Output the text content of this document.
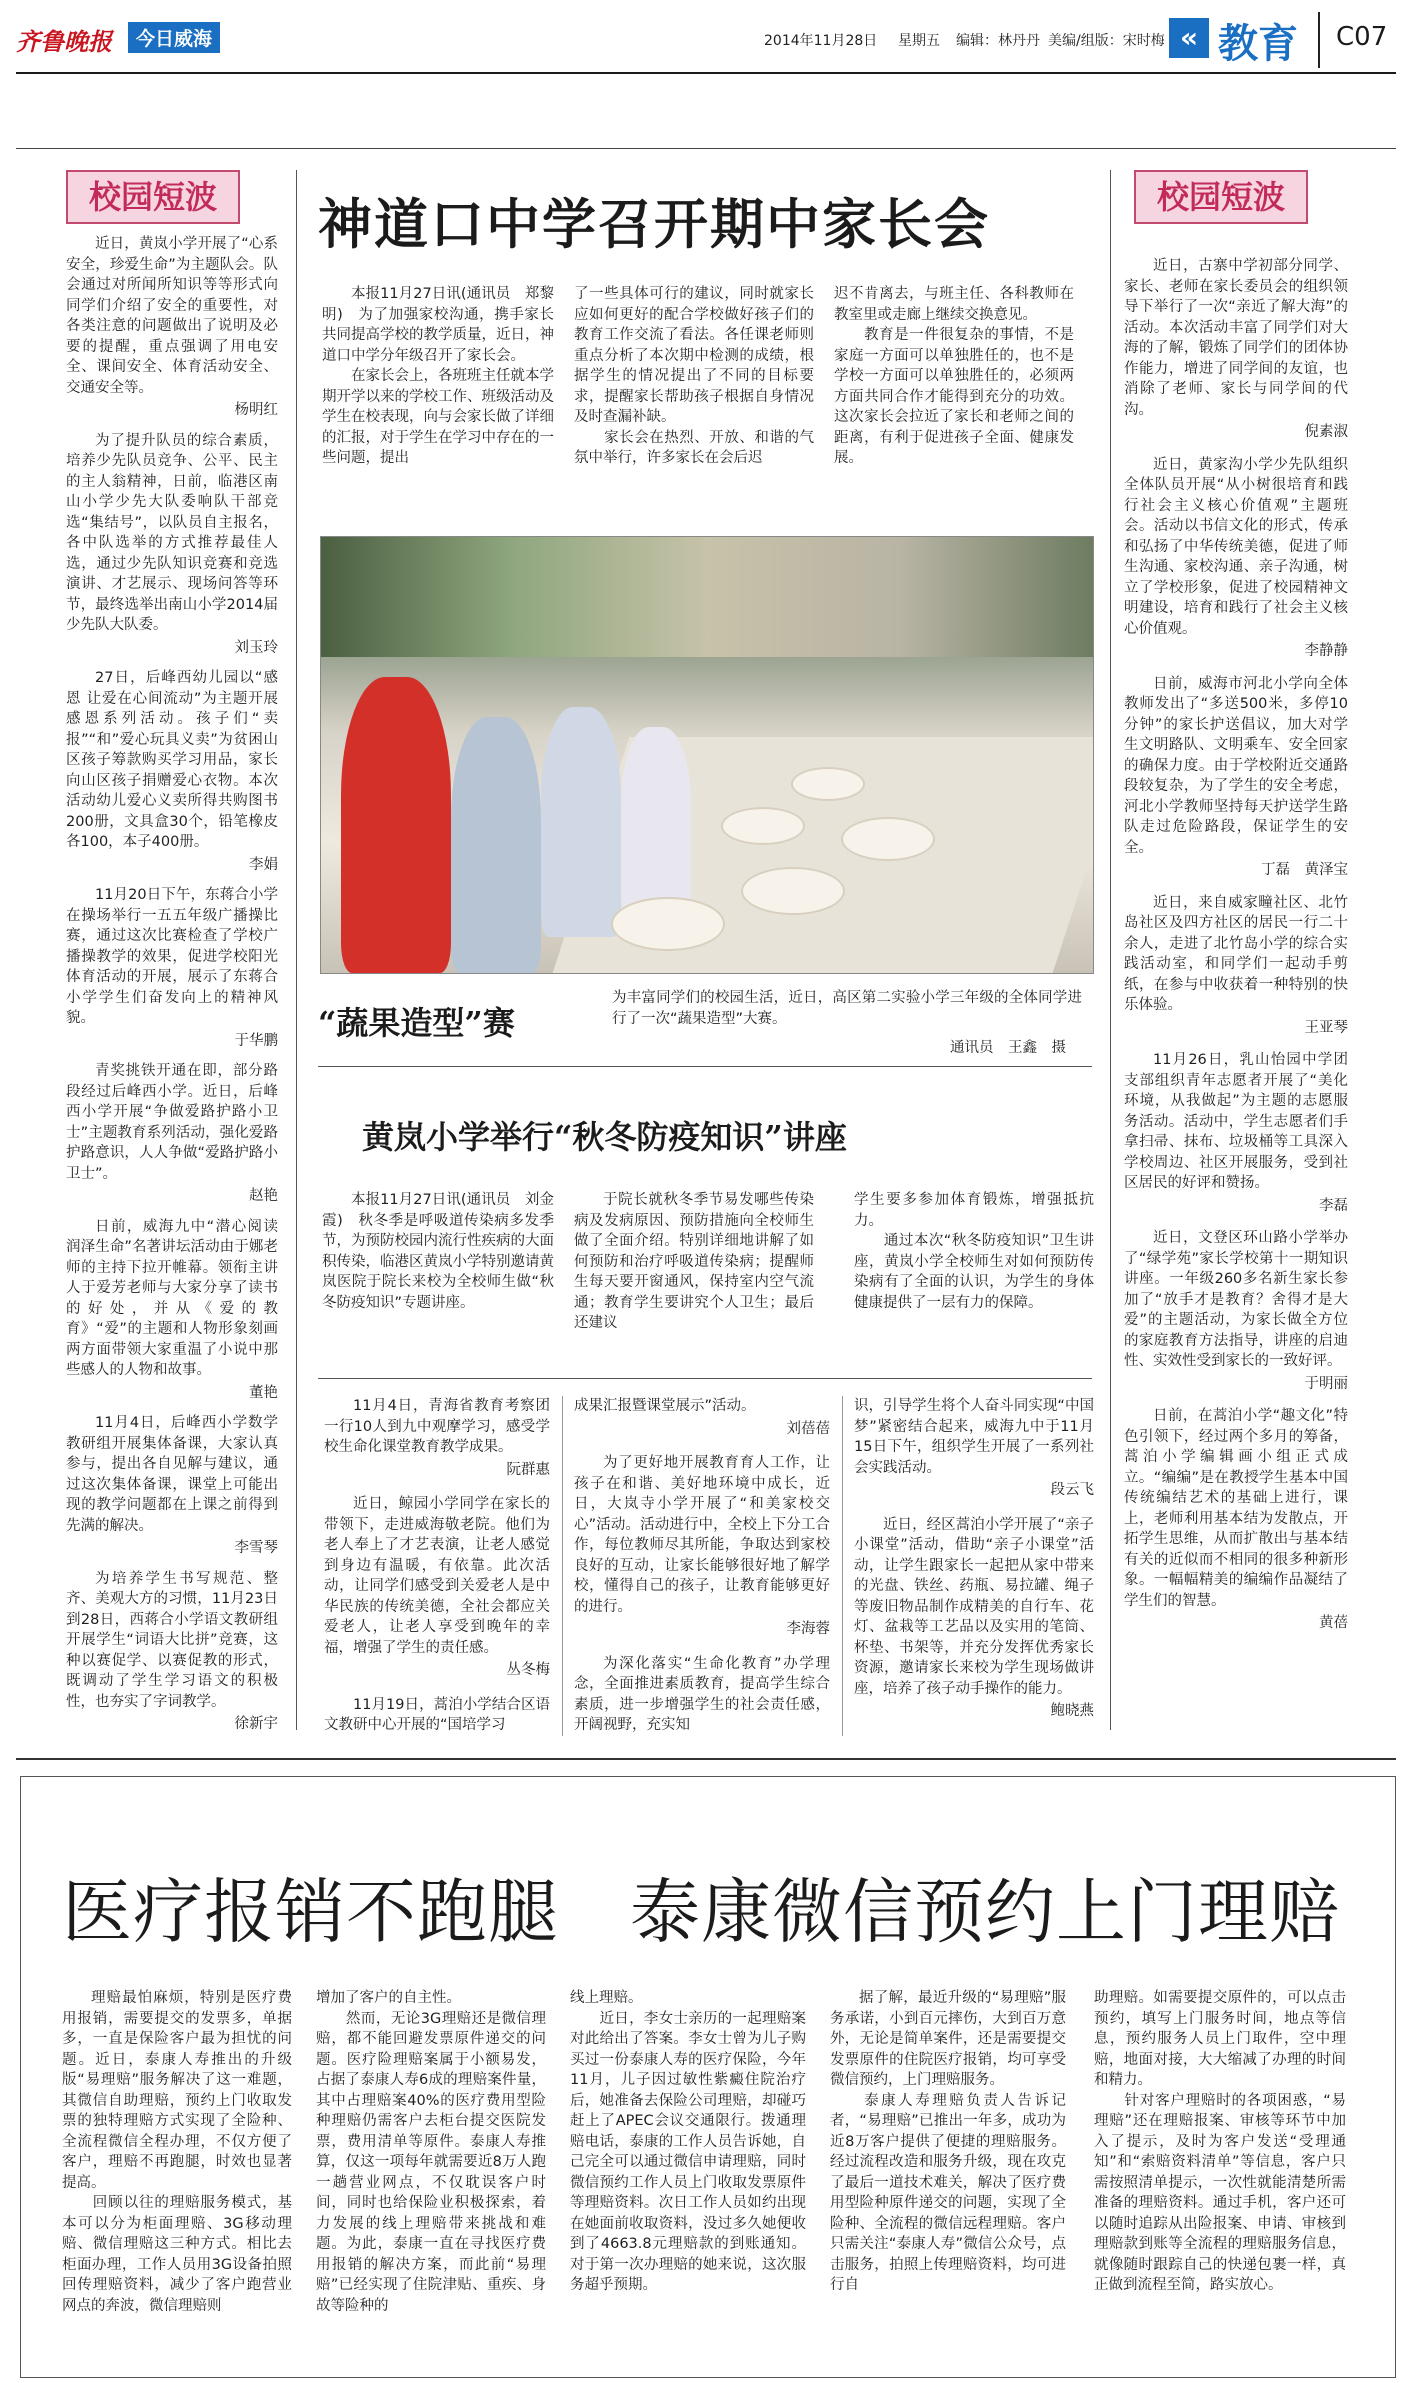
齐鲁晚报	今日威海	2014年11月28日 星期五 编辑：林丹丹 美编/组版：宋时梅 « 教育 C07
校园短波
近日，黄岚小学开展了“心系安全，珍爱生命”为主题队会。队会通过对所闻所知识等等形式向同学们介绍了安全的重要性，对各类注意的问题做出了说明及必要的提醒，重点强调了用电安全、课间安全、体育活动安全、交通安全等。
杨明红
为了提升队员的综合素质，培养少先队员竞争、公平、民主的主人翁精神，日前，临港区南山小学少先大队委响队干部竞选“集结号”，以队员自主报名，各中队选举的方式推荐最佳人选，通过少先队知识竞赛和竞选演讲、才艺展示、现场问答等环节，最终选举出南山小学2014届少先队大队委。
刘玉玲
27日，后峰西幼儿园以“感恩 让爱在心间流动”为主题开展感恩系列活动。孩子们“卖报”“和”爱心玩具义卖”为贫困山区孩子筹款购买学习用品，家长向山区孩子捐赠爱心衣物。本次活动幼儿爱心义卖所得共购图书200册，文具盒30个，铅笔橡皮各100，本子400册。
李娟
11月20日下午，东蒋合小学在操场举行一五五年级广播操比赛，通过这次比赛检查了学校广播操教学的效果，促进学校阳光体育活动的开展，展示了东蒋合小学学生们奋发向上的精神风貌。
于华鹏
青奖挑铁开通在即，部分路段经过后峰西小学。近日，后峰西小学开展“争做爱路护路小卫士”主题教育系列活动，强化爱路护路意识，人人争做“爱路护路小卫士”。
赵艳
日前，威海九中“潜心阅读 润泽生命”名著讲坛活动由于娜老师的主持下拉开帷幕。领衔主讲人于爱芳老师与大家分享了读书的好处，并从《爱的教育》“爱”的主题和人物形象刻画两方面带领大家重温了小说中那些感人的人物和故事。
董艳
11月4日，后峰西小学数学教研组开展集体备课，大家认真参与，提出各自见解与建议，通过这次集体备课，课堂上可能出现的教学问题都在上课之前得到先满的解决。
李雪琴
为培养学生书写规范、整齐、美观大方的习惯，11月23日到28日，西蒋合小学语文教研组开展学生“词语大比拼”竞赛，这种以赛促学、以赛促教的形式，既调动了学生学习语文的积极性，也夯实了字词教学。
徐新宇
校园短波
近日，古寨中学初部分同学、家长、老师在家长委员会的组织领导下举行了一次“亲近了解大海”的活动。本次活动丰富了同学们对大海的了解，锻炼了同学们的团体协作能力，增进了同学间的友谊，也消除了老师、家长与同学间的代沟。
倪素淑
近日，黄家沟小学少先队组织全体队员开展“从小树很培育和践行社会主义核心价值观”主题班会。活动以书信文化的形式，传承和弘扬了中华传统美德，促进了师生沟通、家校沟通、亲子沟通，树立了学校形象，促进了校园精神文明建设，培育和践行了社会主义核心价值观。
李静静
日前，威海市河北小学向全体教师发出了“多送500米，多停10分钟”的家长护送倡议，加大对学生文明路队、文明乘车、安全回家的确保力度。由于学校附近交通路段较复杂，为了学生的安全考虑，河北小学教师坚持每天护送学生路队走过危险路段，保证学生的安全。
丁磊　黄泽宝
近日，来自威家疃社区、北竹岛社区及四方社区的居民一行二十余人，走进了北竹岛小学的综合实践活动室，和同学们一起动手剪纸，在参与中收获着一种特别的快乐体验。
王亚琴
11月26日，乳山怡园中学团支部组织青年志愿者开展了“美化环境，从我做起”为主题的志愿服务活动。活动中，学生志愿者们手拿扫帚、抹布、垃圾桶等工具深入学校周边、社区开展服务，受到社区居民的好评和赞扬。
李磊
近日，文登区环山路小学举办了“绿学苑”家长学校第十一期知识讲座。一年级260多名新生家长参加了“放手才是教育？舍得才是大爱”的主题活动，为家长做全方位的家庭教育方法指导，讲座的启迪性、实效性受到家长的一致好评。
于明丽
日前，在蒿泊小学“趣文化”特色引领下，经过两个多月的筹备，蒿泊小学编辑画小组正式成立。“编编”是在教授学生基本中国传统编结艺术的基础上进行，课上，老师利用基本结为发散点，开拓学生思维，从而扩散出与基本结有关的近似而不相同的很多种新形象。一幅幅精美的编编作品凝结了学生们的智慧。
黄蓓
神道口中学召开期中家长会
本报11月27日讯(通讯员　郑黎明)　为了加强家校沟通，携手家长共同提高学校的教学质量，近日，神道口中学分年级召开了家长会。
　　在家长会上，各班班主任就本学期开学以来的学校工作、班级活动及学生在校表现，向与会家长做了详细的汇报，对于学生在学习中存在的一些问题，提出
了一些具体可行的建议，同时就家长应如何更好的配合学校做好孩子们的教育工作交流了看法。各任课老师则重点分析了本次期中检测的成绩，根据学生的情况提出了不同的目标要求，提醒家长帮助孩子根据自身情况及时查漏补缺。
　　家长会在热烈、开放、和谐的气氛中举行，许多家长在会后迟
迟不肯离去，与班主任、各科教师在教室里或走廊上继续交换意见。
　　教育是一件很复杂的事情，不是家庭一方面可以单独胜任的，也不是学校一方面可以单独胜任的，必须两方面共同合作才能得到充分的功效。这次家长会拉近了家长和老师之间的距离，有利于促进孩子全面、健康发展。
“蔬果造型”赛
为丰富同学们的校园生活，近日，高区第二实验小学三年级的全体同学进行了一次“蔬果造型”大赛。
通讯员　王鑫　摄
黄岚小学举行“秋冬防疫知识”讲座
本报11月27日讯(通讯员　刘金霞)　秋冬季是呼吸道传染病多发季节，为预防校园内流行性疾病的大面积传染，临港区黄岚小学特别邀请黄岚医院于院长来校为全校师生做“秋冬防疫知识”专题讲座。
于院长就秋冬季节易发哪些传染病及发病原因、预防措施向全校师生做了全面介绍。特别详细地讲解了如何预防和治疗呼吸道传染病；提醒师生每天要开窗通风，保持室内空气流通；教育学生要讲究个人卫生；最后还建议
学生要多参加体育锻炼，增强抵抗力。
　　通过本次“秋冬防疫知识”卫生讲座，黄岚小学全校师生对如何预防传染病有了全面的认识，为学生的身体健康提供了一层有力的保障。
11月4日，青海省教育考察团一行10人到九中观摩学习，感受学校生命化课堂教育教学成果。
阮群惠
近日，鲸园小学同学在家长的带领下，走进威海敬老院。他们为老人奉上了才艺表演，让老人感觉到身边有温暖，有依靠。此次活动，让同学们感受到关爱老人是中华民族的传统美德，全社会都应关爱老人，让老人享受到晚年的幸福，增强了学生的责任感。
丛冬梅
11月19日，蒿泊小学结合区语文教研中心开展的“国培学习
成果汇报暨课堂展示”活动。
刘蓓蓓
为了更好地开展教育育人工作，让孩子在和谐、美好地环境中成长，近日，大岚寺小学开展了“和美家校交心”活动。活动进行中，全校上下分工合作，每位教师尽其所能，争取达到家校良好的互动，让家长能够很好地了解学校，懂得自己的孩子，让教育能够更好的进行。
李海蓉
为深化落实“生命化教育”办学理念，全面推进素质教育，提高学生综合素质，进一步增强学生的社会责任感，开阔视野，充实知
识，引导学生将个人奋斗同实现“中国梦”紧密结合起来，威海九中于11月15日下午，组织学生开展了一系列社会实践活动。
段云飞
近日，经区蒿泊小学开展了“亲子小课堂”活动，借助“亲子小课堂”活动，让学生跟家长一起把从家中带来的光盘、铁丝、药瓶、易拉罐、绳子等废旧物品制作成精美的自行车、花灯、盆栽等工艺品以及实用的笔筒、杯垫、书架等，并充分发挥优秀家长资源，邀请家长来校为学生现场做讲座，培养了孩子动手操作的能力。
鲍晓燕
医疗报销不跑腿　泰康微信预约上门理赔
理赔最怕麻烦，特别是医疗费用报销，需要提交的发票多，单据多，一直是保险客户最为担忧的问题。近日，泰康人寿推出的升级版“易理赔”服务解决了这一难题，其微信自助理赔，预约上门收取发票的独特理赔方式实现了全险种、全流程微信全程办理，不仅方便了客户，理赔不再跑腿，时效也显著提高。
　　回顾以往的理赔服务模式，基本可以分为柜面理赔、3G移动理赔、微信理赔这三种方式。相比去柜面办理，工作人员用3G设备拍照回传理赔资料，减少了客户跑营业网点的奔波，微信理赔则
增加了客户的自主性。
　　然而，无论3G理赔还是微信理赔，都不能回避发票原件递交的问题。医疗险理赔案属于小额易发，占据了泰康人寿6成的理赔案件量，其中占理赔案40%的医疗费用型险种理赔仍需客户去柜台提交医院发票，费用清单等原件。泰康人寿推算，仅这一项每年就需要近8万人跑一趟营业网点，不仅耽误客户时间，同时也给保险业积极探索，着力发展的线上理赔带来挑战和难题。为此，泰康一直在寻找医疗费用报销的解决方案，而此前“易理赔”已经实现了住院津贴、重疾、身故等险种的
线上理赔。
　　近日，李女士亲历的一起理赔案对此给出了答案。李女士曾为儿子购买过一份泰康人寿的医疗保险，今年11月，儿子因过敏性紫癜住院治疗后，她准备去保险公司理赔，却碰巧赶上了APEC会议交通限行。拨通理赔电话，泰康的工作人员告诉她，自己完全可以通过微信申请理赔，同时微信预约工作人员上门收取发票原件等理赔资料。次日工作人员如约出现在她面前收取资料，没过多久她便收到了4663.8元理赔款的到账通知。对于第一次办理赔的她来说，这次服务超乎预期。
据了解，最近升级的“易理赔”服务承诺，小到百元摔伤，大到百万意外，无论是简单案件，还是需要提交发票原件的住院医疗报销，均可享受微信预约，上门理赔服务。
　　泰康人寿理赔负责人告诉记者，“易理赔”已推出一年多，成功为近8万客户提供了便捷的理赔服务。经过流程改造和服务升级，现在攻克了最后一道技术难关，解决了医疗费用型险种原件递交的问题，实现了全险种、全流程的微信远程理赔。客户只需关注“泰康人寿”微信公众号，点击服务，拍照上传理赔资料，均可进行自
助理赔。如需要提交原件的，可以点击预约，填写上门服务时间，地点等信息，预约服务人员上门取件，空中理赔，地面对接，大大缩减了办理的时间和精力。
　　针对客户理赔时的各项困惑，“易理赔”还在理赔报案、审核等环节中加入了提示，及时为客户发送“受理通知”和“索赔资料清单”等信息，客户只需按照清单提示，一次性就能清楚所需准备的理赔资料。通过手机，客户还可以随时追踪从出险报案、申请、审核到理赔款到账等全流程的理赔服务信息，就像随时跟踪自己的快递包裹一样，真正做到流程至简，路实放心。
